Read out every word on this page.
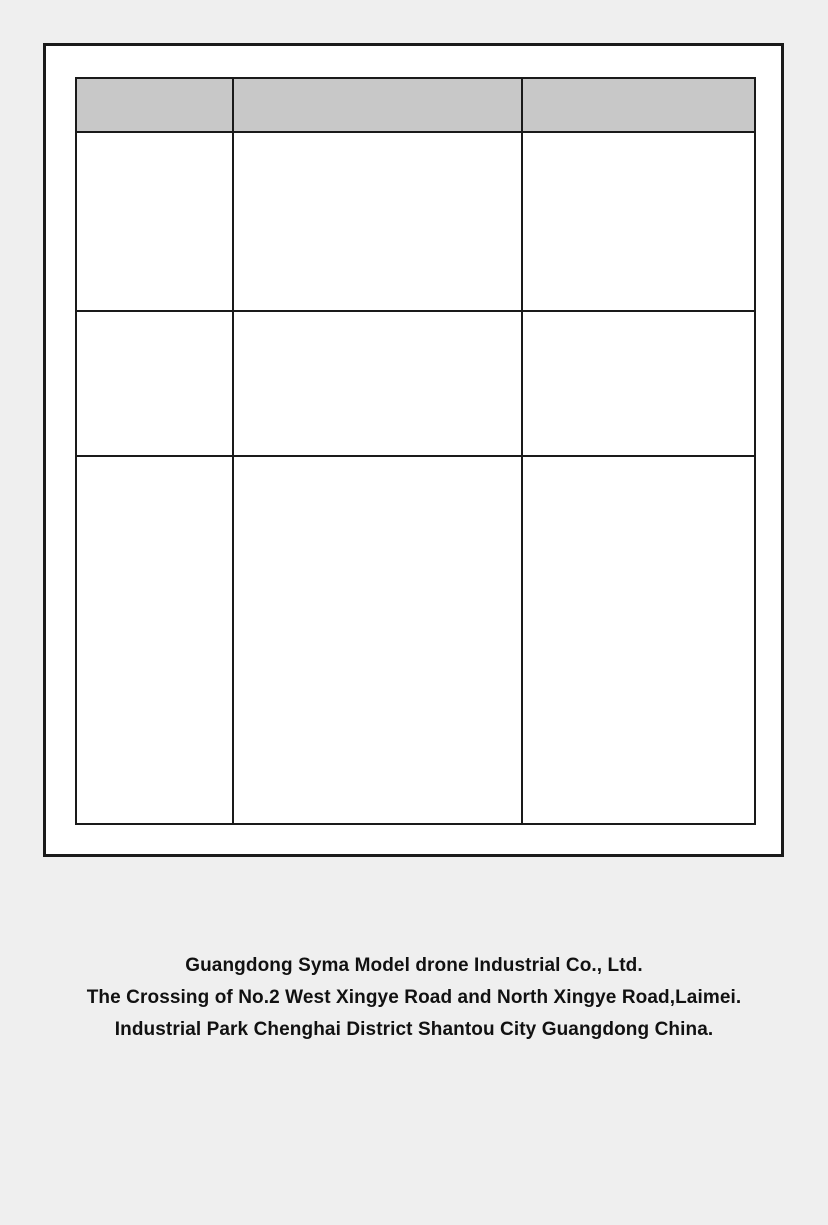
Guangdong Syma Model drone Industrial Co., Ltd.
The Crossing of No.2 West Xingye Road and North Xingye Road,Laimei.
Industrial Park Chenghai District Shantou City Guangdong China.
